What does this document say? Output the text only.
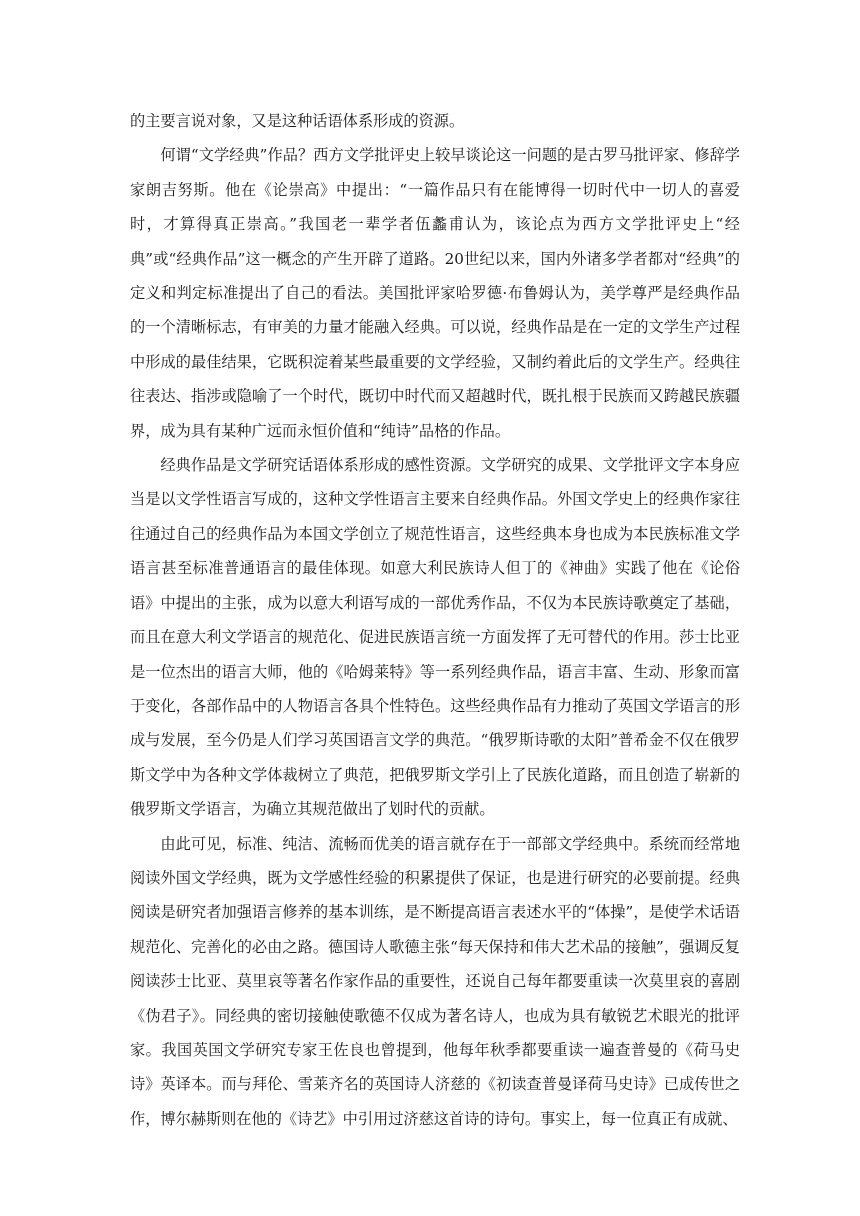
的主要言说对象，又是这种话语体系形成的资源。

何谓“文学经典”作品？西方文学批评史上较早谈论这一问题的是古罗马批评家、修辞学家朗吉努斯。他在《论崇高》中提出：“一篇作品只有在能博得一切时代中一切人的喜爱时，才算得真正崇高。”我国老一辈学者伍蠡甫认为，该论点为西方文学批评史上“经典”或“经典作品”这一概念的产生开辟了道路。20世纪以来，国内外诸多学者都对“经典”的定义和判定标准提出了自己的看法。美国批评家哈罗德·布鲁姆认为，美学尊严是经典作品的一个清晰标志，有审美的力量才能融入经典。可以说，经典作品是在一定的文学生产过程中形成的最佳结果，它既积淀着某些最重要的文学经验，又制约着此后的文学生产。经典往往表达、指涉或隐喻了一个时代，既切中时代而又超越时代，既扎根于民族而又跨越民族疆界，成为具有某种广远而永恒价值和“纯诗”品格的作品。

经典作品是文学研究话语体系形成的感性资源。文学研究的成果、文学批评文字本身应当是以文学性语言写成的，这种文学性语言主要来自经典作品。外国文学史上的经典作家往往通过自己的经典作品为本国文学创立了规范性语言，这些经典本身也成为本民族标准文学语言甚至标准普通语言的最佳体现。如意大利民族诗人但丁的《神曲》实践了他在《论俗语》中提出的主张，成为以意大利语写成的一部优秀作品，不仅为本民族诗歌奠定了基础，而且在意大利文学语言的规范化、促进民族语言统一方面发挥了无可替代的作用。莎士比亚是一位杰出的语言大师，他的《哈姆莱特》等一系列经典作品，语言丰富、生动、形象而富于变化，各部作品中的人物语言各具个性特色。这些经典作品有力推动了英国文学语言的形成与发展，至今仍是人们学习英国语言文学的典范。“俄罗斯诗歌的太阳”普希金不仅在俄罗斯文学中为各种文学体裁树立了典范，把俄罗斯文学引上了民族化道路，而且创造了崭新的俄罗斯文学语言，为确立其规范做出了划时代的贡献。

由此可见，标准、纯洁、流畅而优美的语言就存在于一部部文学经典中。系统而经常地阅读外国文学经典，既为文学感性经验的积累提供了保证，也是进行研究的必要前提。经典阅读是研究者加强语言修养的基本训练，是不断提高语言表述水平的“体操”，是使学术话语规范化、完善化的必由之路。德国诗人歌德主张“每天保持和伟大艺术品的接触”，强调反复阅读莎士比亚、莫里哀等著名作家作品的重要性，还说自己每年都要重读一次莫里哀的喜剧《伪君子》。同经典的密切接触使歌德不仅成为著名诗人，也成为具有敏锐艺术眼光的批评家。我国英国文学研究专家王佐良也曾提到，他每年秋季都要重读一遍查普曼的《荷马史诗》英译本。而与拜伦、雪莱齐名的英国诗人济慈的《初读查普曼译荷马史诗》已成传世之作，博尔赫斯则在他的《诗艺》中引用过济慈这首诗的诗句。事实上，每一位真正有成就、
